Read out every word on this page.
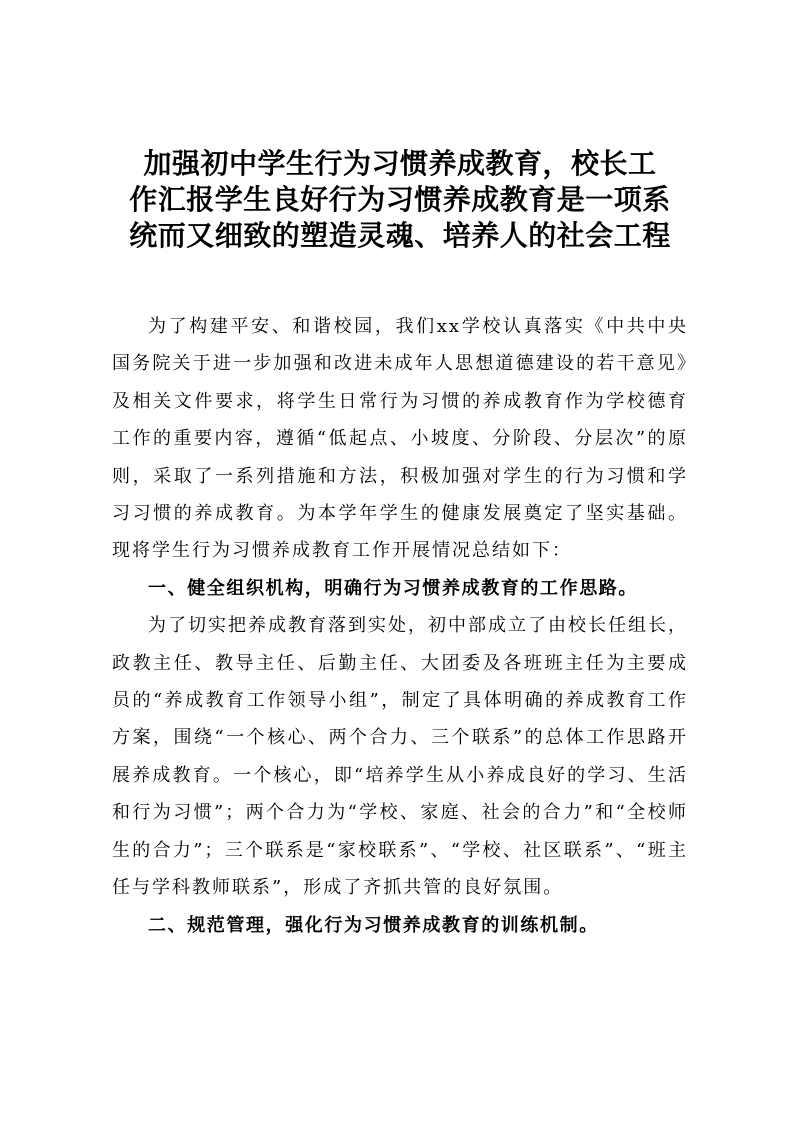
加强初中学生行为习惯养成教育，校长工
作汇报学生良好行为习惯养成教育是一项系
统而又细致的塑造灵魂、培养人的社会工程

为了构建平安、和谐校园，我们xx学校认真落实《中共中央国务院关于进一步加强和改进未成年人思想道德建设的若干意见》及相关文件要求，将学生日常行为习惯的养成教育作为学校德育工作的重要内容，遵循“低起点、小坡度、分阶段、分层次”的原则，采取了一系列措施和方法，积极加强对学生的行为习惯和学习习惯的养成教育。为本学年学生的健康发展奠定了坚实基础。现将学生行为习惯养成教育工作开展情况总结如下：

一、健全组织机构，明确行为习惯养成教育的工作思路。

为了切实把养成教育落到实处，初中部成立了由校长任组长，政教主任、教导主任、后勤主任、大团委及各班班主任为主要成员的“养成教育工作领导小组”，制定了具体明确的养成教育工作方案，围绕“一个核心、两个合力、三个联系”的总体工作思路开展养成教育。一个核心，即“培养学生从小养成良好的学习、生活和行为习惯”；两个合力为“学校、家庭、社会的合力”和“全校师生的合力”；三个联系是“家校联系”、“学校、社区联系”、“班主任与学科教师联系”，形成了齐抓共管的良好氛围。

二、规范管理，强化行为习惯养成教育的训练机制。
